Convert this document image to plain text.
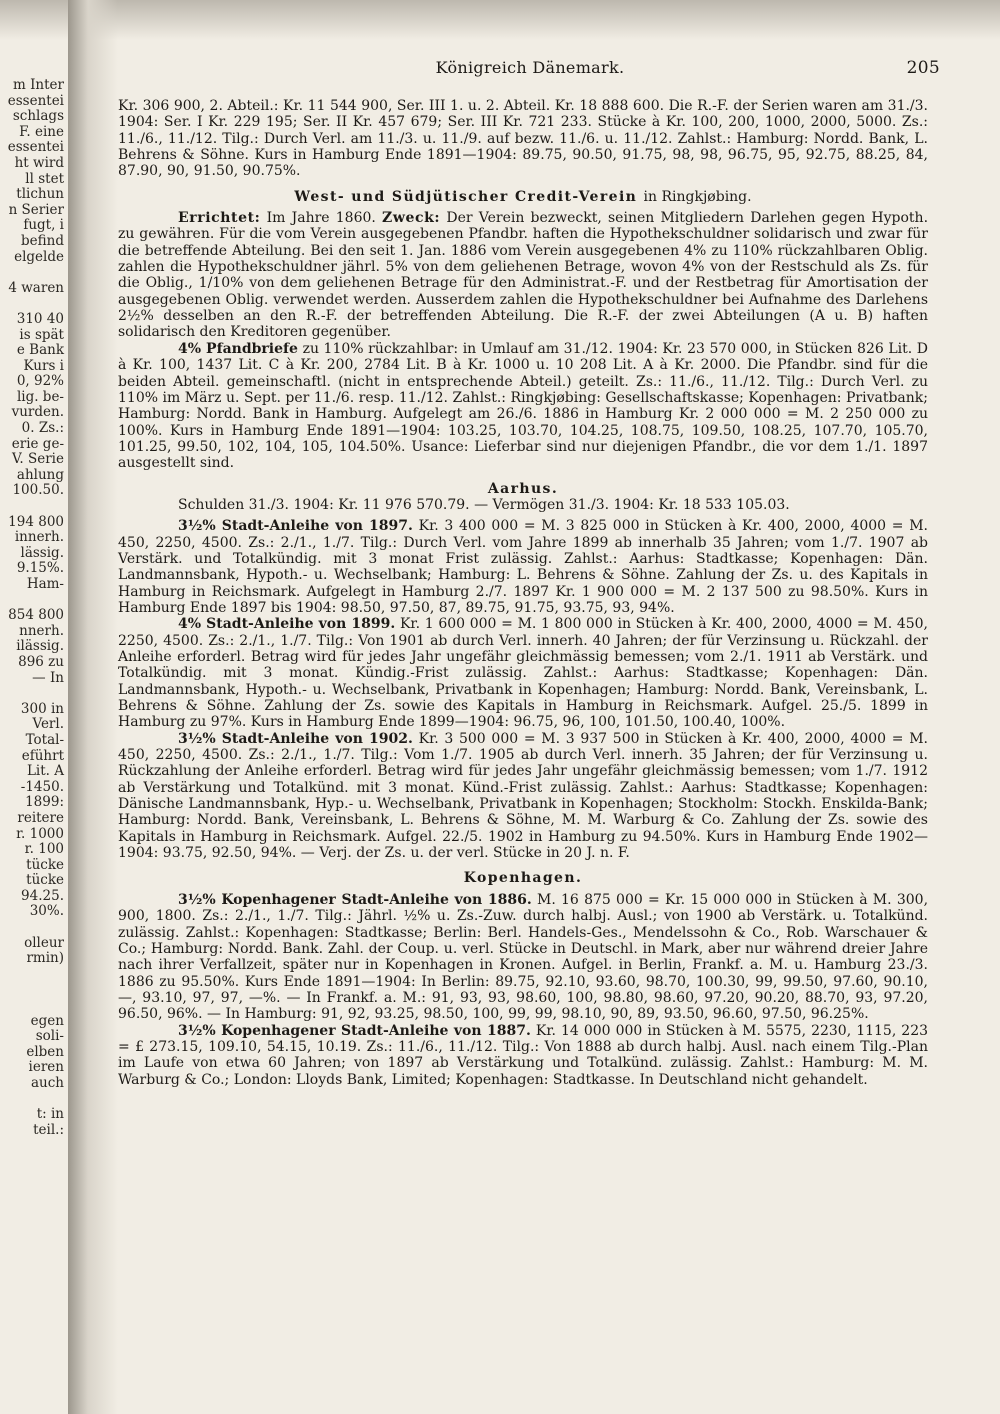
m Inter
essentei
schlags
F. eine
essentei
ht wird
ll stet
tlichun
n Serier
fugt, i
befind
elgelde
4 waren
310 40
is spät
e Bank
Kurs i
0, 92%
lig. be-
vurden.
0. Zs.:
erie ge-
V. Serie
ahlung
100.50.
194 800
innerh.
lässig.
9.15%.
Ham-
854 800
nnerh.
ilässig.
896 zu
— In
300 in
Verl.
Total-
eführt
Lit. A
-1450.
1899:
reitere
r. 1000
r. 100
tücke
tücke
94.25.
30%.
olleur
rmin)
egen
soli-
elben
ieren
auch
t: in
teil.:
Königreich Dänemark.	205

Kr. 306 900, 2. Abteil.: Kr. 11 544 900, Ser. III 1. u. 2. Abteil. Kr. 18 888 600. Die R.-F. der Serien waren am 31./3. 1904: Ser. I Kr. 229 195; Ser. II Kr. 457 679; Ser. III Kr. 721 233. Stücke à Kr. 100, 200, 1000, 2000, 5000. Zs.: 11./6., 11./12. Tilg.: Durch Verl. am 11./3. u. 11./9. auf bezw. 11./6. u. 11./12. Zahlst.: Hamburg: Nordd. Bank, L. Behrens & Söhne. Kurs in Hamburg Ende 1891—1904: 89.75, 90.50, 91.75, 98, 98, 96.75, 95, 92.75, 88.25, 84, 87.90, 90, 91.50, 90.75%.

West- und Südjütischer Credit-Verein in Ringkjøbing.

Errichtet: Im Jahre 1860. Zweck: Der Verein bezweckt, seinen Mitgliedern Darlehen gegen Hypoth. zu gewähren. Für die vom Verein ausgegebenen Pfandbr. haften die Hypothekschuldner solidarisch und zwar für die betreffende Abteilung. Bei den seit 1. Jan. 1886 vom Verein ausgegebenen 4% zu 110% rückzahlbaren Oblig. zahlen die Hypothekschuldner jährl. 5% von dem geliehenen Betrage, wovon 4% von der Restschuld als Zs. für die Oblig., 1/10% von dem geliehenen Betrage für den Administrat.-F. und der Restbetrag für Amortisation der ausgegebenen Oblig. verwendet werden. Ausserdem zahlen die Hypothekschuldner bei Aufnahme des Darlehens 2½% desselben an den R.-F. der betreffenden Abteilung. Die R.-F. der zwei Abteilungen (A u. B) haften solidarisch den Kreditoren gegenüber.

4% Pfandbriefe zu 110% rückzahlbar: in Umlauf am 31./12. 1904: Kr. 23 570 000, in Stücken 826 Lit. D à Kr. 100, 1437 Lit. C à Kr. 200, 2784 Lit. B à Kr. 1000 u. 10 208 Lit. A à Kr. 2000. Die Pfandbr. sind für die beiden Abteil. gemeinschaftl. (nicht in entsprechende Abteil.) geteilt. Zs.: 11./6., 11./12. Tilg.: Durch Verl. zu 110% im März u. Sept. per 11./6. resp. 11./12. Zahlst.: Ringkjøbing: Gesellschaftskasse; Kopenhagen: Privatbank; Hamburg: Nordd. Bank in Hamburg. Aufgelegt am 26./6. 1886 in Hamburg Kr. 2 000 000 = M. 2 250 000 zu 100%. Kurs in Hamburg Ende 1891—1904: 103.25, 103.70, 104.25, 108.75, 109.50, 108.25, 107.70, 105.70, 101.25, 99.50, 102, 104, 105, 104.50%. Usance: Lieferbar sind nur diejenigen Pfandbr., die vor dem 1./1. 1897 ausgestellt sind.

Aarhus.

Schulden 31./3. 1904: Kr. 11 976 570.79. — Vermögen 31./3. 1904: Kr. 18 533 105.03.

3½% Stadt-Anleihe von 1897. Kr. 3 400 000 = M. 3 825 000 in Stücken à Kr. 400, 2000, 4000 = M. 450, 2250, 4500. Zs.: 2./1., 1./7. Tilg.: Durch Verl. vom Jahre 1899 ab innerhalb 35 Jahren; vom 1./7. 1907 ab Verstärk. und Totalkündig. mit 3 monat Frist zulässig. Zahlst.: Aarhus: Stadtkasse; Kopenhagen: Dän. Landmannsbank, Hypoth.- u. Wechselbank; Hamburg: L. Behrens & Söhne. Zahlung der Zs. u. des Kapitals in Hamburg in Reichsmark. Aufgelegt in Hamburg 2./7. 1897 Kr. 1 900 000 = M. 2 137 500 zu 98.50%. Kurs in Hamburg Ende 1897 bis 1904: 98.50, 97.50, 87, 89.75, 91.75, 93.75, 93, 94%.

4% Stadt-Anleihe von 1899. Kr. 1 600 000 = M. 1 800 000 in Stücken à Kr. 400, 2000, 4000 = M. 450, 2250, 4500. Zs.: 2./1., 1./7. Tilg.: Von 1901 ab durch Verl. innerh. 40 Jahren; der für Verzinsung u. Rückzahl. der Anleihe erforderl. Betrag wird für jedes Jahr ungefähr gleichmässig bemessen; vom 2./1. 1911 ab Verstärk. und Totalkündig. mit 3 monat. Kündig.-Frist zulässig. Zahlst.: Aarhus: Stadtkasse; Kopenhagen: Dän. Landmannsbank, Hypoth.- u. Wechselbank, Privatbank in Kopenhagen; Hamburg: Nordd. Bank, Vereinsbank, L. Behrens & Söhne. Zahlung der Zs. sowie des Kapitals in Hamburg in Reichsmark. Aufgel. 25./5. 1899 in Hamburg zu 97%. Kurs in Hamburg Ende 1899—1904: 96.75, 96, 100, 101.50, 100.40, 100%.

3½% Stadt-Anleihe von 1902. Kr. 3 500 000 = M. 3 937 500 in Stücken à Kr. 400, 2000, 4000 = M. 450, 2250, 4500. Zs.: 2./1., 1./7. Tilg.: Vom 1./7. 1905 ab durch Verl. innerh. 35 Jahren; der für Verzinsung u. Rückzahlung der Anleihe erforderl. Betrag wird für jedes Jahr ungefähr gleichmässig bemessen; vom 1./7. 1912 ab Verstärkung und Totalkünd. mit 3 monat. Künd.-Frist zulässig. Zahlst.: Aarhus: Stadtkasse; Kopenhagen: Dänische Landmannsbank, Hyp.- u. Wechselbank, Privatbank in Kopenhagen; Stockholm: Stockh. Enskilda-Bank; Hamburg: Nordd. Bank, Vereinsbank, L. Behrens & Söhne, M. M. Warburg & Co. Zahlung der Zs. sowie des Kapitals in Hamburg in Reichsmark. Aufgel. 22./5. 1902 in Hamburg zu 94.50%. Kurs in Hamburg Ende 1902—1904: 93.75, 92.50, 94%. — Verj. der Zs. u. der verl. Stücke in 20 J. n. F.

Kopenhagen.

3½% Kopenhagener Stadt-Anleihe von 1886. M. 16 875 000 = Kr. 15 000 000 in Stücken à M. 300, 900, 1800. Zs.: 2./1., 1./7. Tilg.: Jährl. ½% u. Zs.-Zuw. durch halbj. Ausl.; von 1900 ab Verstärk. u. Totalkünd. zulässig. Zahlst.: Kopenhagen: Stadtkasse; Berlin: Berl. Handels-Ges., Mendelssohn & Co., Rob. Warschauer & Co.; Hamburg: Nordd. Bank. Zahl. der Coup. u. verl. Stücke in Deutschl. in Mark, aber nur während dreier Jahre nach ihrer Verfallzeit, später nur in Kopenhagen in Kronen. Aufgel. in Berlin, Frankf. a. M. u. Hamburg 23./3. 1886 zu 95.50%. Kurs Ende 1891—1904: In Berlin: 89.75, 92.10, 93.60, 98.70, 100.30, 99, 99.50, 97.60, 90.10, —, 93.10, 97, 97, —%. — In Frankf. a. M.: 91, 93, 93, 98.60, 100, 98.80, 98.60, 97.20, 90.20, 88.70, 93, 97.20, 96.50, 96%. — In Hamburg: 91, 92, 93.25, 98.50, 100, 99, 99, 98.10, 90, 89, 93.50, 96.60, 97.50, 96.25%.

3½% Kopenhagener Stadt-Anleihe von 1887. Kr. 14 000 000 in Stücken à M. 5575, 2230, 1115, 223 = £ 273.15, 109.10, 54.15, 10.19. Zs.: 11./6., 11./12. Tilg.: Von 1888 ab durch halbj. Ausl. nach einem Tilg.-Plan im Laufe von etwa 60 Jahren; von 1897 ab Verstärkung und Totalkünd. zulässig. Zahlst.: Hamburg: M. M. Warburg & Co.; London: Lloyds Bank, Limited; Kopenhagen: Stadtkasse. In Deutschland nicht gehandelt.
